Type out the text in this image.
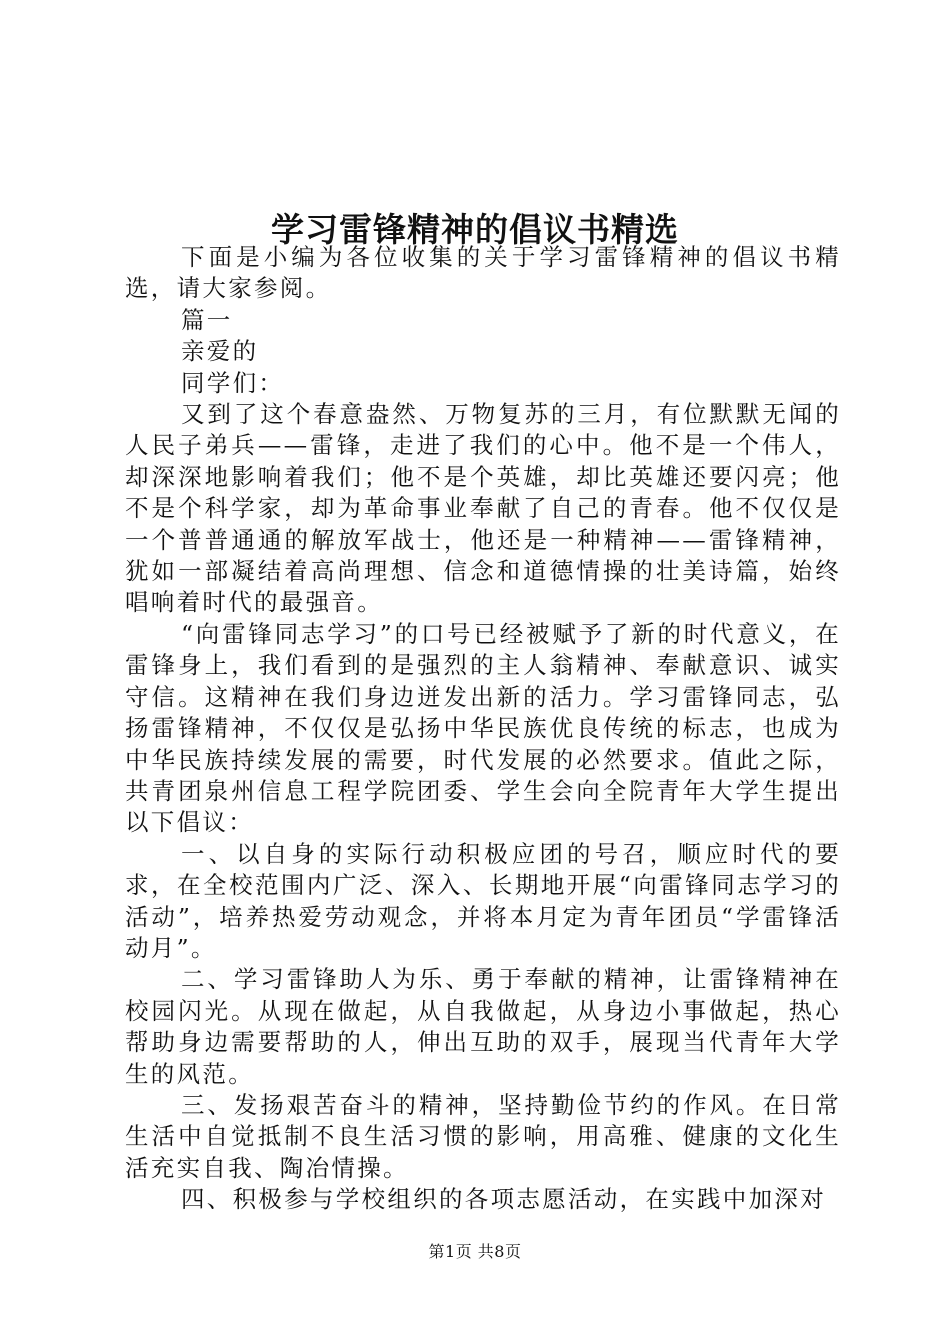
学习雷锋精神的倡议书精选

下面是小编为各位收集的关于学习雷锋精神的倡议书精选，请大家参阅。

篇一

亲爱的

同学们：

又到了这个春意盎然、万物复苏的三月，有位默默无闻的人民子弟兵——雷锋，走进了我们的心中。他不是一个伟人，却深深地影响着我们；他不是个英雄，却比英雄还要闪亮；他不是个科学家，却为革命事业奉献了自己的青春。他不仅仅是一个普普通通的解放军战士，他还是一种精神——雷锋精神，犹如一部凝结着高尚理想、信念和道德情操的壮美诗篇，始终唱响着时代的最强音。

“向雷锋同志学习”的口号已经被赋予了新的时代意义，在雷锋身上，我们看到的是强烈的主人翁精神、奉献意识、诚实守信。这精神在我们身边迸发出新的活力。学习雷锋同志，弘扬雷锋精神，不仅仅是弘扬中华民族优良传统的标志，也成为中华民族持续发展的需要，时代发展的必然要求。值此之际，共青团泉州信息工程学院团委、学生会向全院青年大学生提出以下倡议：

一、以自身的实际行动积极应团的号召，顺应时代的要求，在全校范围内广泛、深入、长期地开展“向雷锋同志学习的活动”，培养热爱劳动观念，并将本月定为青年团员“学雷锋活动月”。

二、学习雷锋助人为乐、勇于奉献的精神，让雷锋精神在校园闪光。从现在做起，从自我做起，从身边小事做起，热心帮助身边需要帮助的人，伸出互助的双手，展现当代青年大学生的风范。

三、发扬艰苦奋斗的精神，坚持勤俭节约的作风。在日常生活中自觉抵制不良生活习惯的影响，用高雅、健康的文化生活充实自我、陶冶情操。

四、积极参与学校组织的各项志愿活动，在实践中加深对

第1页 共8页
